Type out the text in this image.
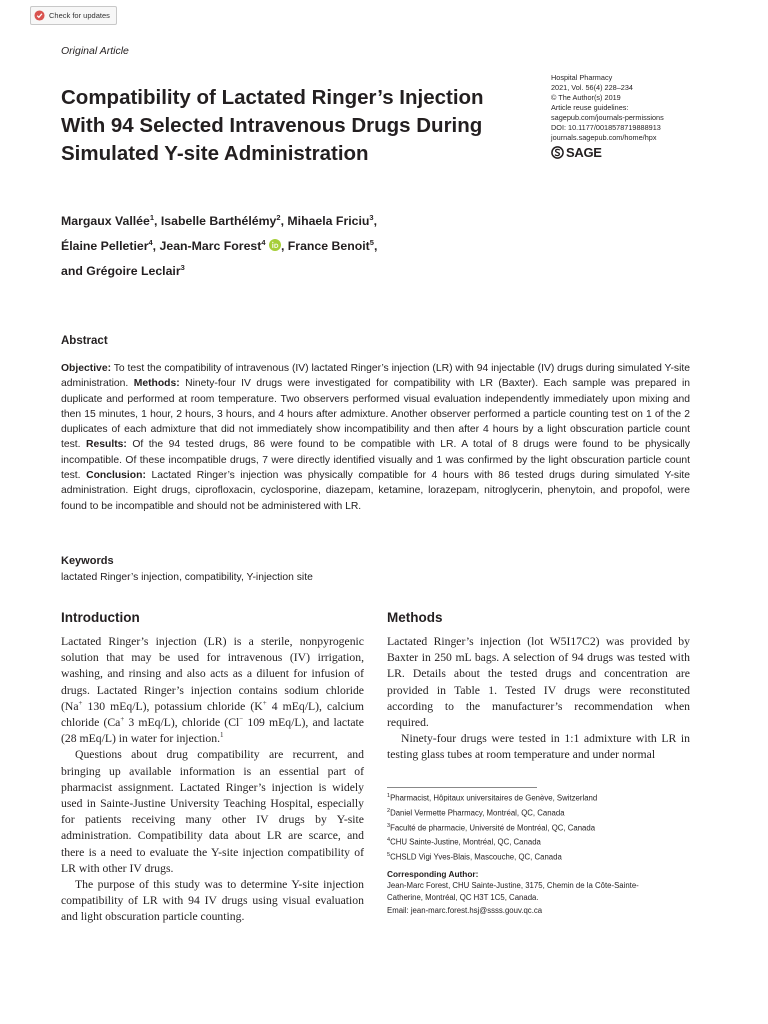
Check for updates
Original Article
Hospital Pharmacy
2021, Vol. 56(4) 228–234
© The Author(s) 2019
Article reuse guidelines:
sagepub.com/journals-permissions
DOI: 10.1177/0018578719888913
journals.sagepub.com/home/hpx
SAGE
Compatibility of Lactated Ringer’s Injection With 94 Selected Intravenous Drugs During Simulated Y-site Administration
Margaux Vallée$^1$, Isabelle Barthélémy$^2$, Mihaela Friciu$^3$,
Élaine Pelletier$^4$, Jean-Marc Forest$^4$ , France Benoit$^5$,
and Grégoire Leclair$^3$
Abstract
Objective: To test the compatibility of intravenous (IV) lactated Ringer’s injection (LR) with 94 injectable (IV) drugs during simulated Y-site administration. Methods: Ninety-four IV drugs were investigated for compatibility with LR (Baxter). Each sample was prepared in duplicate and performed at room temperature. Two observers performed visual evaluation independently immediately upon mixing and then 15 minutes, 1 hour, 2 hours, 3 hours, and 4 hours after admixture. Another observer performed a particle counting test on 1 of the 2 duplicates of each admixture that did not immediately show incompatibility and then after 4 hours by a light obscuration particle count test. Results: Of the 94 tested drugs, 86 were found to be compatible with LR. A total of 8 drugs were found to be physically incompatible. Of these incompatible drugs, 7 were directly identified visually and 1 was confirmed by the light obscuration particle count test. Conclusion: Lactated Ringer’s injection was physically compatible for 4 hours with 86 tested drugs during simulated Y-site administration. Eight drugs, ciprofloxacin, cyclosporine, diazepam, ketamine, lorazepam, nitroglycerin, phenytoin, and propofol, were found to be incompatible and should not be administered with LR.
Keywords
lactated Ringer’s injection, compatibility, Y-injection site
Introduction

Lactated Ringer’s injection (LR) is a sterile, nonpyrogenic solution that may be used for intravenous (IV) irrigation, washing, and rinsing and also acts as a diluent for infusion of drugs. Lactated Ringer’s injection contains sodium chloride (Na+ 130 mEq/L), potassium chloride (K+ 4 mEq/L), calcium chloride (Ca+ 3 mEq/L), chloride (Cl− 109 mEq/L), and lactate (28 mEq/L) in water for injection.$^1$

Questions about drug compatibility are recurrent, and bringing up available information is an essential part of pharmacist assignment. Lactated Ringer’s injection is widely used in Sainte-Justine University Teaching Hospital, especially for patients receiving many other IV drugs by Y-site administration. Compatibility data about LR are scarce, and there is a need to evaluate the Y-site injection compatibility of LR with other IV drugs.

The purpose of this study was to determine Y-site injection compatibility of LR with 94 IV drugs using visual evaluation and light obscuration particle counting.

Methods

Lactated Ringer’s injection (lot W5I17C2) was provided by Baxter in 250 mL bags. A selection of 94 drugs was tested with LR. Details about the tested drugs and concentration are provided in Table 1. Tested IV drugs were reconstituted according to the manufacturer’s recommendation when required.

Ninety-four drugs were tested in 1:1 admixture with LR in testing glass tubes at room temperature and under normal

$^1$Pharmacist, Hôpitaux universitaires de Genève, Switzerland
$^2$Daniel Vermette Pharmacy, Montréal, QC, Canada
$^3$Faculté de pharmacie, Université de Montréal, QC, Canada
$^4$CHU Sainte-Justine, Montréal, QC, Canada
$^5$CHSLD Vigi Yves-Blais, Mascouche, QC, Canada
Corresponding Author:
Jean-Marc Forest, CHU Sainte-Justine, 3175, Chemin de la Côte-Sainte-
Catherine, Montréal, QC H3T 1C5, Canada.
Email: jean-marc.forest.hsj@ssss.gouv.qc.ca
